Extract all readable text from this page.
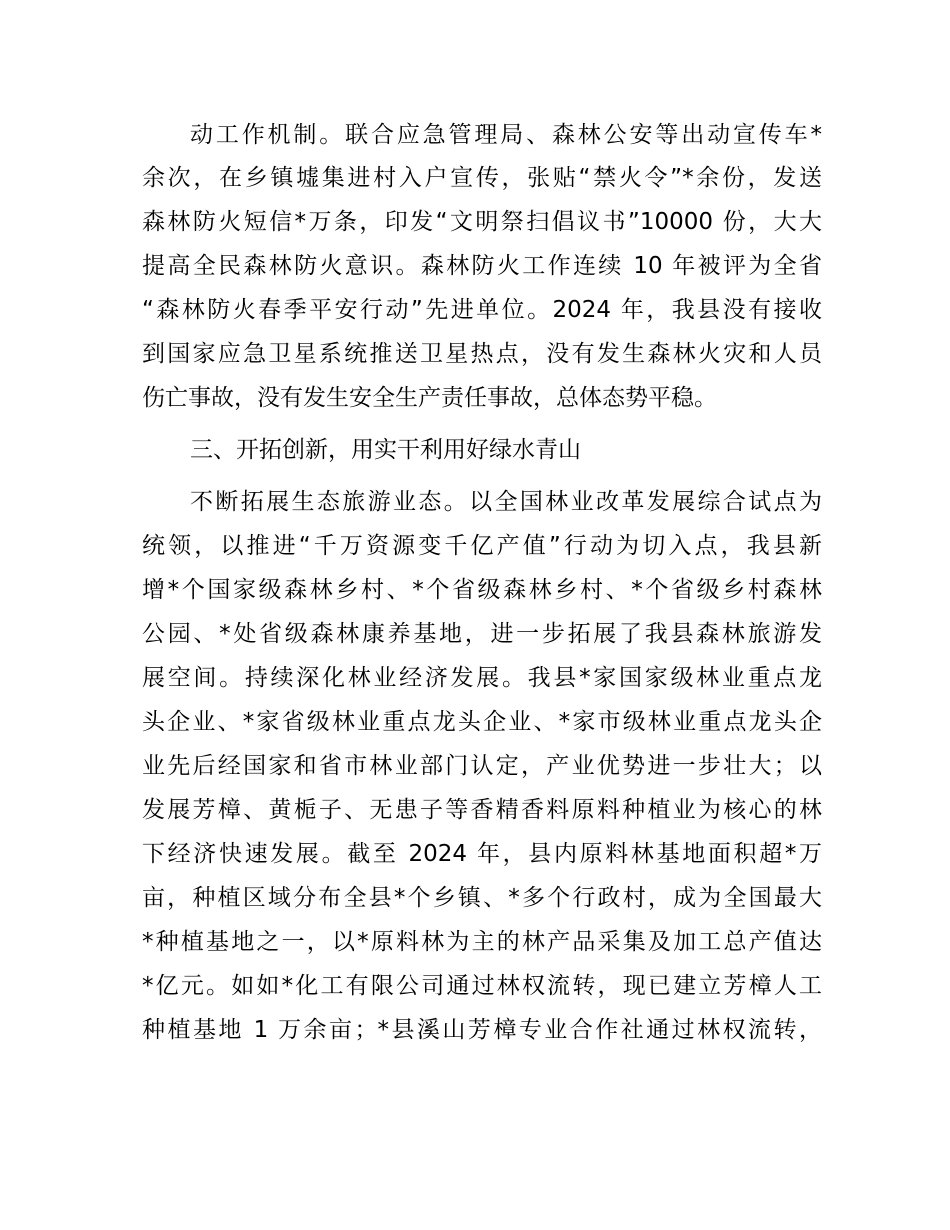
动工作机制。联合应急管理局、森林公安等出动宣传车*
余次，在乡镇墟集进村入户宣传，张贴“禁火令”*余份，发送
森林防火短信*万条，印发“文明祭扫倡议书”10000 份，大大
提高全民森林防火意识。森林防火工作连续 10 年被评为全省
“森林防火春季平安行动”先进单位。2024 年，我县没有接收
到国家应急卫星系统推送卫星热点，没有发生森林火灾和人员
伤亡事故，没有发生安全生产责任事故，总体态势平稳。
三、开拓创新，用实干利用好绿水青山
不断拓展生态旅游业态。以全国林业改革发展综合试点为
统领，以推进“千万资源变千亿产值”行动为切入点，我县新
增*个国家级森林乡村、*个省级森林乡村、*个省级乡村森林
公园、*处省级森林康养基地，进一步拓展了我县森林旅游发
展空间。持续深化林业经济发展。我县*家国家级林业重点龙
头企业、*家省级林业重点龙头企业、*家市级林业重点龙头企
业先后经国家和省市林业部门认定，产业优势进一步壮大；以
发展芳樟、黄栀子、无患子等香精香料原料种植业为核心的林
下经济快速发展。截至 2024 年，县内原料林基地面积超*万
亩，种植区域分布全县*个乡镇、*多个行政村，成为全国最大
*种植基地之一，以*原料林为主的林产品采集及加工总产值达
*亿元。如如*化工有限公司通过林权流转，现已建立芳樟人工
种植基地 1 万余亩；*县溪山芳樟专业合作社通过林权流转，
